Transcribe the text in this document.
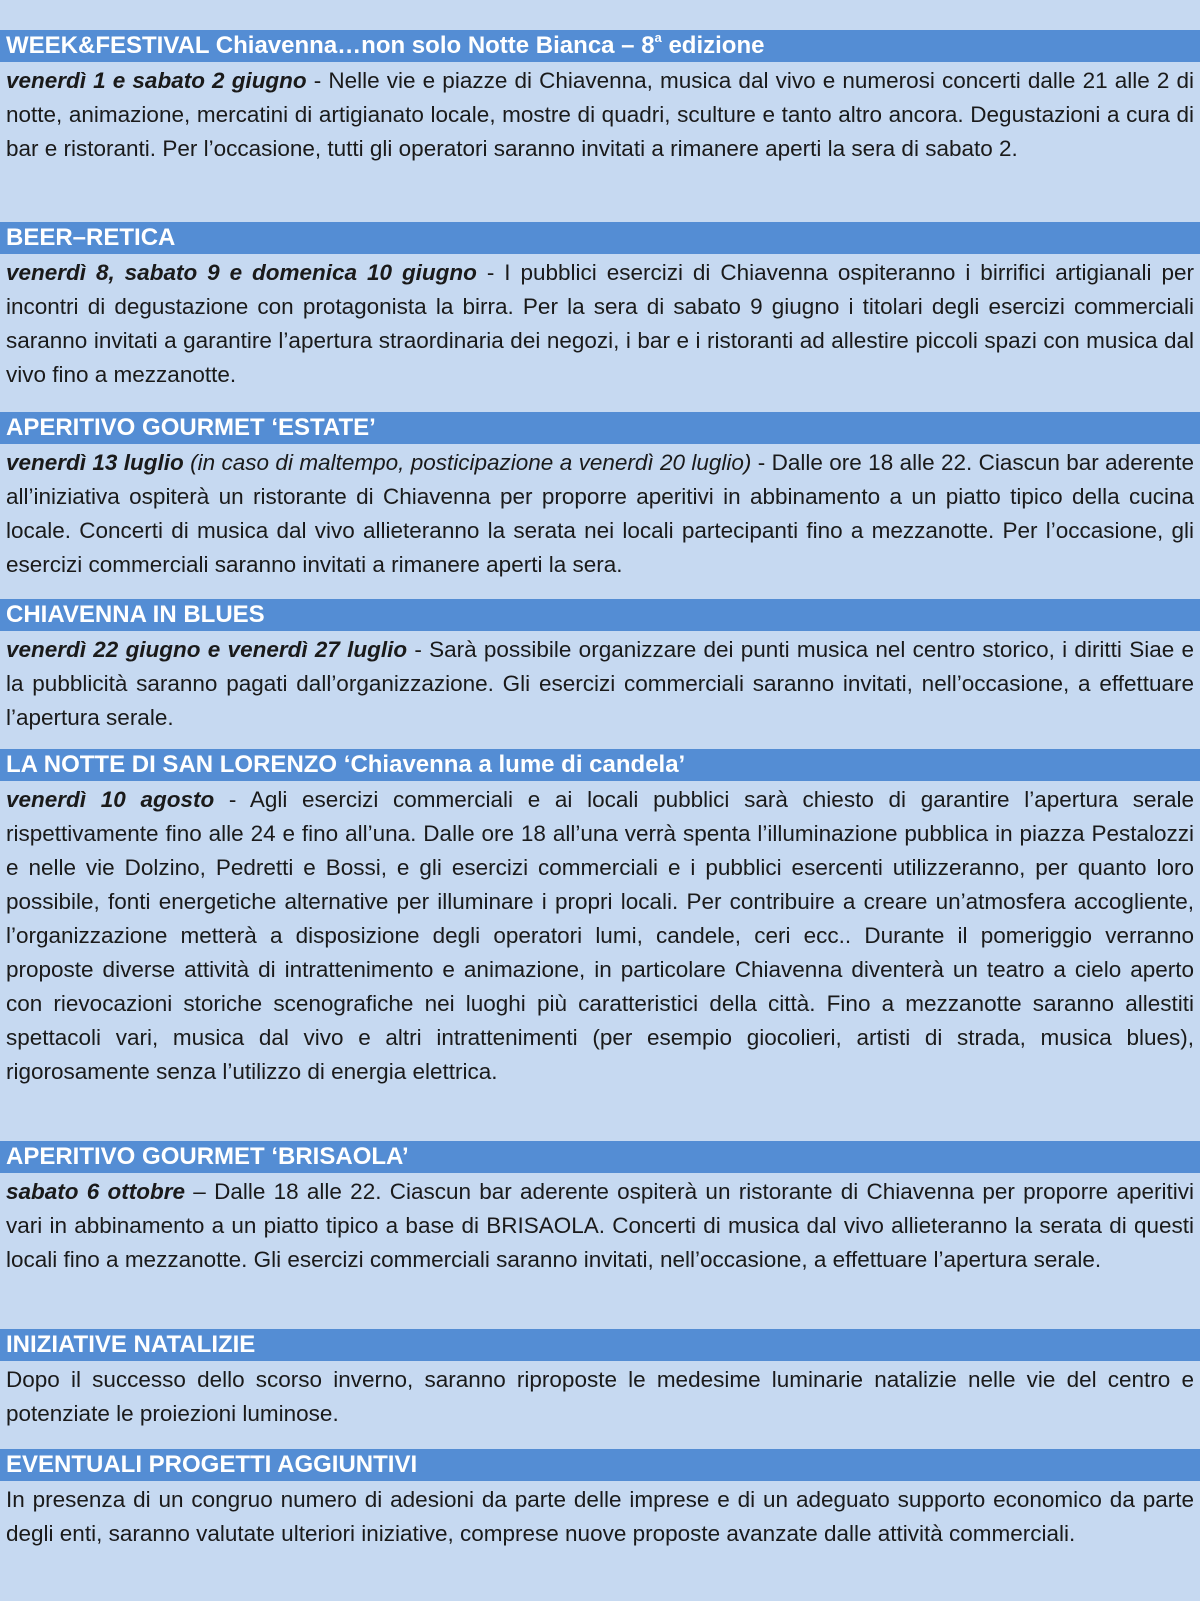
WEEK&FESTIVAL Chiavenna…non solo Notte Bianca – 8$^a$ edizione
venerdì 1 e sabato 2 giugno - Nelle vie e piazze di Chiavenna, musica dal vivo e numerosi concerti dalle 21 alle 2 di notte, animazione, mercatini di artigianato locale, mostre di quadri, sculture e tanto altro ancora. Degustazioni a cura di bar e ristoranti. Per l’occasione, tutti gli operatori saranno invitati a rimanere aperti la sera di sabato 2.
BEER–RETICA
venerdì 8, sabato 9 e domenica 10 giugno - I pubblici esercizi di Chiavenna ospiteranno i birrifici artigianali per incontri di degustazione con protagonista la birra. Per la sera di sabato 9 giugno i titolari degli esercizi commerciali saranno invitati a garantire l’apertura straordinaria dei negozi, i bar e i ristoranti ad allestire piccoli spazi con musica dal vivo fino a mezzanotte.
APERITIVO GOURMET ‘ESTATE’
venerdì 13 luglio (in caso di maltempo, posticipazione a venerdì 20 luglio) - Dalle ore 18 alle 22. Ciascun bar aderente all’iniziativa ospiterà un ristorante di Chiavenna per proporre aperitivi in abbinamento a un piatto tipico della cucina locale. Concerti di musica dal vivo allieteranno la serata nei locali partecipanti fino a mezzanotte. Per l’occasione, gli esercizi commerciali saranno invitati a rimanere aperti la sera.
CHIAVENNA IN BLUES
venerdì 22 giugno e venerdì 27 luglio - Sarà possibile organizzare dei punti musica nel centro storico, i diritti Siae e la pubblicità saranno pagati dall’organizzazione. Gli esercizi commerciali saranno invitati, nell’occasione, a effettuare l’apertura serale.
LA NOTTE DI SAN LORENZO ‘Chiavenna a lume di candela’
venerdì 10 agosto - Agli esercizi commerciali e ai locali pubblici sarà chiesto di garantire l’apertura serale rispettivamente fino alle 24 e fino all’una. Dalle ore 18 all’una verrà spenta l’illuminazione pubblica in piazza Pestalozzi e nelle vie Dolzino, Pedretti e Bossi, e gli esercizi commerciali e i pubblici esercenti utilizzeranno, per quanto loro possibile, fonti energetiche alternative per illuminare i propri locali. Per contribuire a creare un’atmosfera accogliente, l’organizzazione metterà a disposizione degli operatori lumi, candele, ceri ecc.. Durante il pomeriggio verranno proposte diverse attività di intrattenimento e animazione, in particolare Chiavenna diventerà un teatro a cielo aperto con rievocazioni storiche scenografiche nei luoghi più caratteristici della città. Fino a mezzanotte saranno allestiti spettacoli vari, musica dal vivo e altri intrattenimenti (per esempio giocolieri, artisti di strada, musica blues), rigorosamente senza l’utilizzo di energia elettrica.
APERITIVO GOURMET ‘BRISAOLA’
sabato 6 ottobre – Dalle 18 alle 22. Ciascun bar aderente ospiterà un ristorante di Chiavenna per proporre aperitivi vari in abbinamento a un piatto tipico a base di BRISAOLA. Concerti di musica dal vivo allieteranno la serata di questi locali fino a mezzanotte. Gli esercizi commerciali saranno invitati, nell’occasione, a effettuare l’apertura serale.
INIZIATIVE NATALIZIE
Dopo il successo dello scorso inverno, saranno riproposte le medesime luminarie natalizie nelle vie del centro e potenziate le proiezioni luminose.
EVENTUALI PROGETTI AGGIUNTIVI
In presenza di un congruo numero di adesioni da parte delle imprese e di un adeguato supporto economico da parte degli enti, saranno valutate ulteriori iniziative, comprese nuove proposte avanzate dalle attività commerciali.
